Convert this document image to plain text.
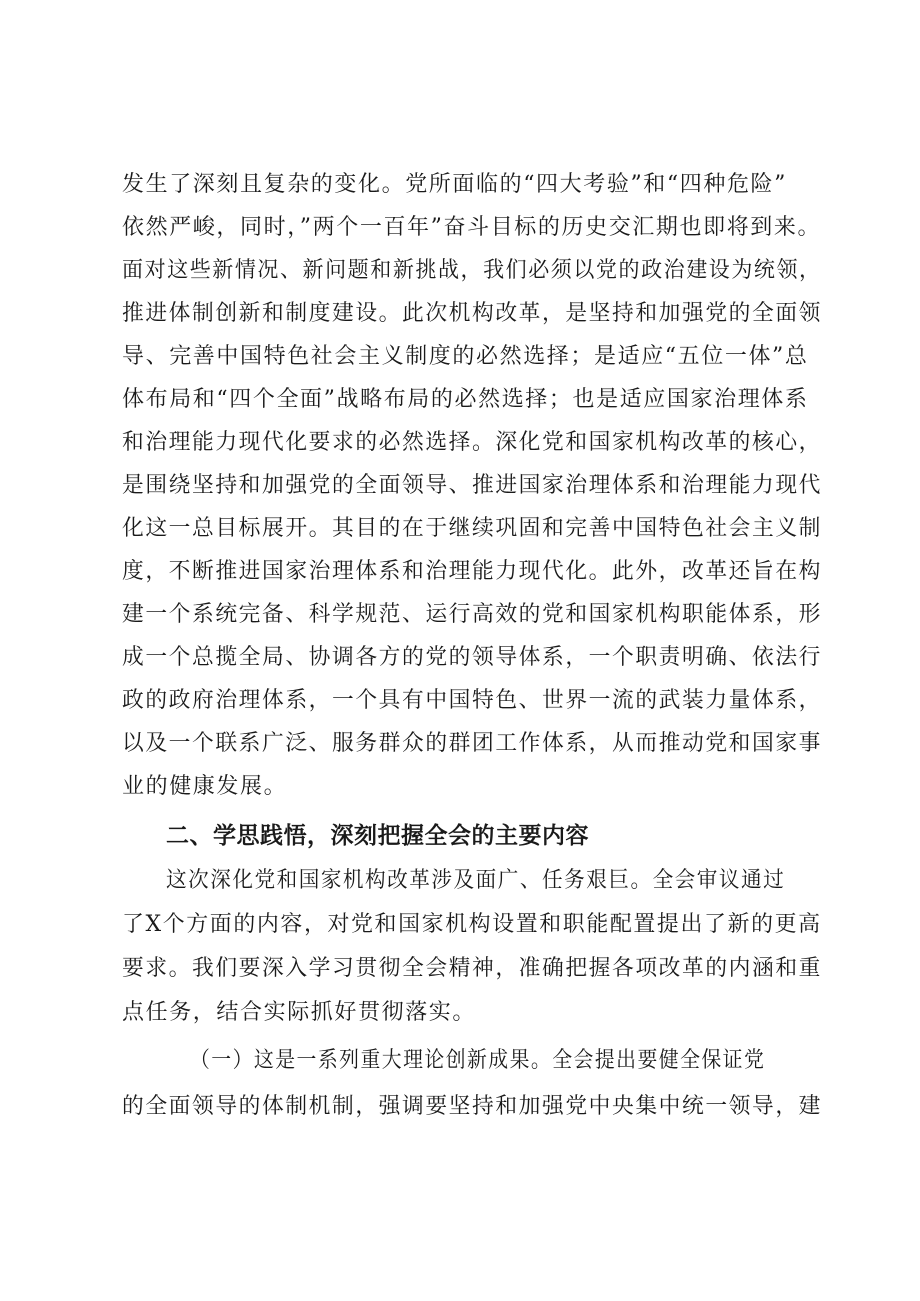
发生了深刻且复杂的变化。党所面临的“四大考验”和“四种危险”
依然严峻，同时，”两个一百年”奋斗目标的历史交汇期也即将到来。
面对这些新情况、新问题和新挑战，我们必须以党的政治建设为统领，
推进体制创新和制度建设。此次机构改革，是坚持和加强党的全面领
导、完善中国特色社会主义制度的必然选择；是适应“五位一体”总
体布局和“四个全面”战略布局的必然选择；也是适应国家治理体系
和治理能力现代化要求的必然选择。深化党和国家机构改革的核心，
是围绕坚持和加强党的全面领导、推进国家治理体系和治理能力现代
化这一总目标展开。其目的在于继续巩固和完善中国特色社会主义制
度，不断推进国家治理体系和治理能力现代化。此外，改革还旨在构
建一个系统完备、科学规范、运行高效的党和国家机构职能体系，形
成一个总揽全局、协调各方的党的领导体系，一个职责明确、依法行
政的政府治理体系，一个具有中国特色、世界一流的武装力量体系，
以及一个联系广泛、服务群众的群团工作体系，从而推动党和国家事
业的健康发展。
二、学思践悟，深刻把握全会的主要内容
这次深化党和国家机构改革涉及面广、任务艰巨。全会审议通过
了X个方面的内容，对党和国家机构设置和职能配置提出了新的更高
要求。我们要深入学习贯彻全会精神，准确把握各项改革的内涵和重
点任务，结合实际抓好贯彻落实。
（一）这是一系列重大理论创新成果。全会提出要健全保证党
的全面领导的体制机制，强调要坚持和加强党中央集中统一领导，建
